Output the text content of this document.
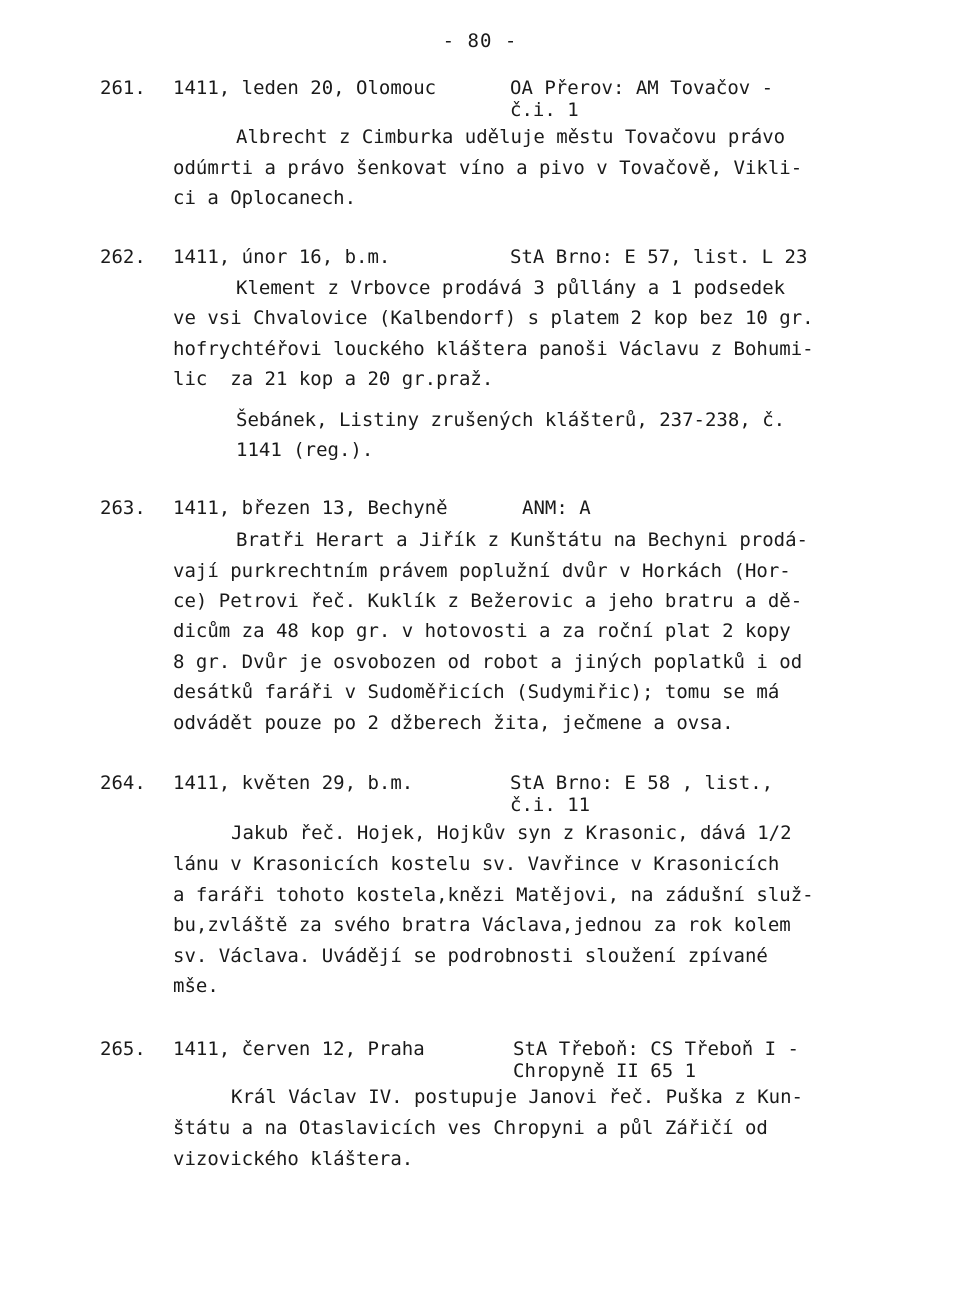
- 80 -
261. 1411, leden 20, Olomouc	OA Přerov: AM Tovačov -
č.i. 1
Albrecht z Cimburka uděluje městu Tovačovu právo
odúmrti a právo šenkovat víno a pivo v Tovačově, Vikli-
ci a Oplocanech.
262. 1411, únor 16, b.m.	StA Brno: E 57, list. L 23
Klement z Vrbovce prodává 3 půllány a 1 podsedek
ve vsi Chvalovice (Kalbendorf) s platem 2 kop bez 10 gr.
hofrychtéřovi louckého kláštera panoši Václavu z Bohumi-
lic  za 21 kop a 20 gr.praž.
Šebánek, Listiny zrušených klášterů, 237-238, č.
1141 (reg.).
263. 1411, březen 13, Bechyně	ANM: A
Bratři Herart a Jiřík z Kunštátu na Bechyni prodá-
vají purkrechtním právem poplužní dvůr v Horkách (Hor-
ce) Petrovi řeč. Kuklík z Bežerovic a jeho bratru a dě-
dicům za 48 kop gr. v hotovosti a za roční plat 2 kopy
8 gr. Dvůr je osvobozen od robot a jiných poplatků i od
desátků faráři v Sudoměřicích (Sudymiřic); tomu se má
odvádět pouze po 2 džberech žita, ječmene a ovsa.
264. 1411, květen 29, b.m.	StA Brno: E 58 , list.,
č.i. 11
Jakub řeč. Hojek, Hojkův syn z Krasonic, dává 1/2
lánu v Krasonicích kostelu sv. Vavřince v Krasonicích
a faráři tohoto kostela,knězi Matějovi, na zádušní služ-
bu,zvláště za svého bratra Václava,jednou za rok kolem
sv. Václava. Uvádějí se podrobnosti sloužení zpívané
mše.
265. 1411, červen 12, Praha	StA Třeboň: CS Třeboň I -
Chropyně II 65 1
Král Václav IV. postupuje Janovi řeč. Puška z Kun-
štátu a na Otaslavicích ves Chropyni a půl Zářičí od
vizovického kláštera.
